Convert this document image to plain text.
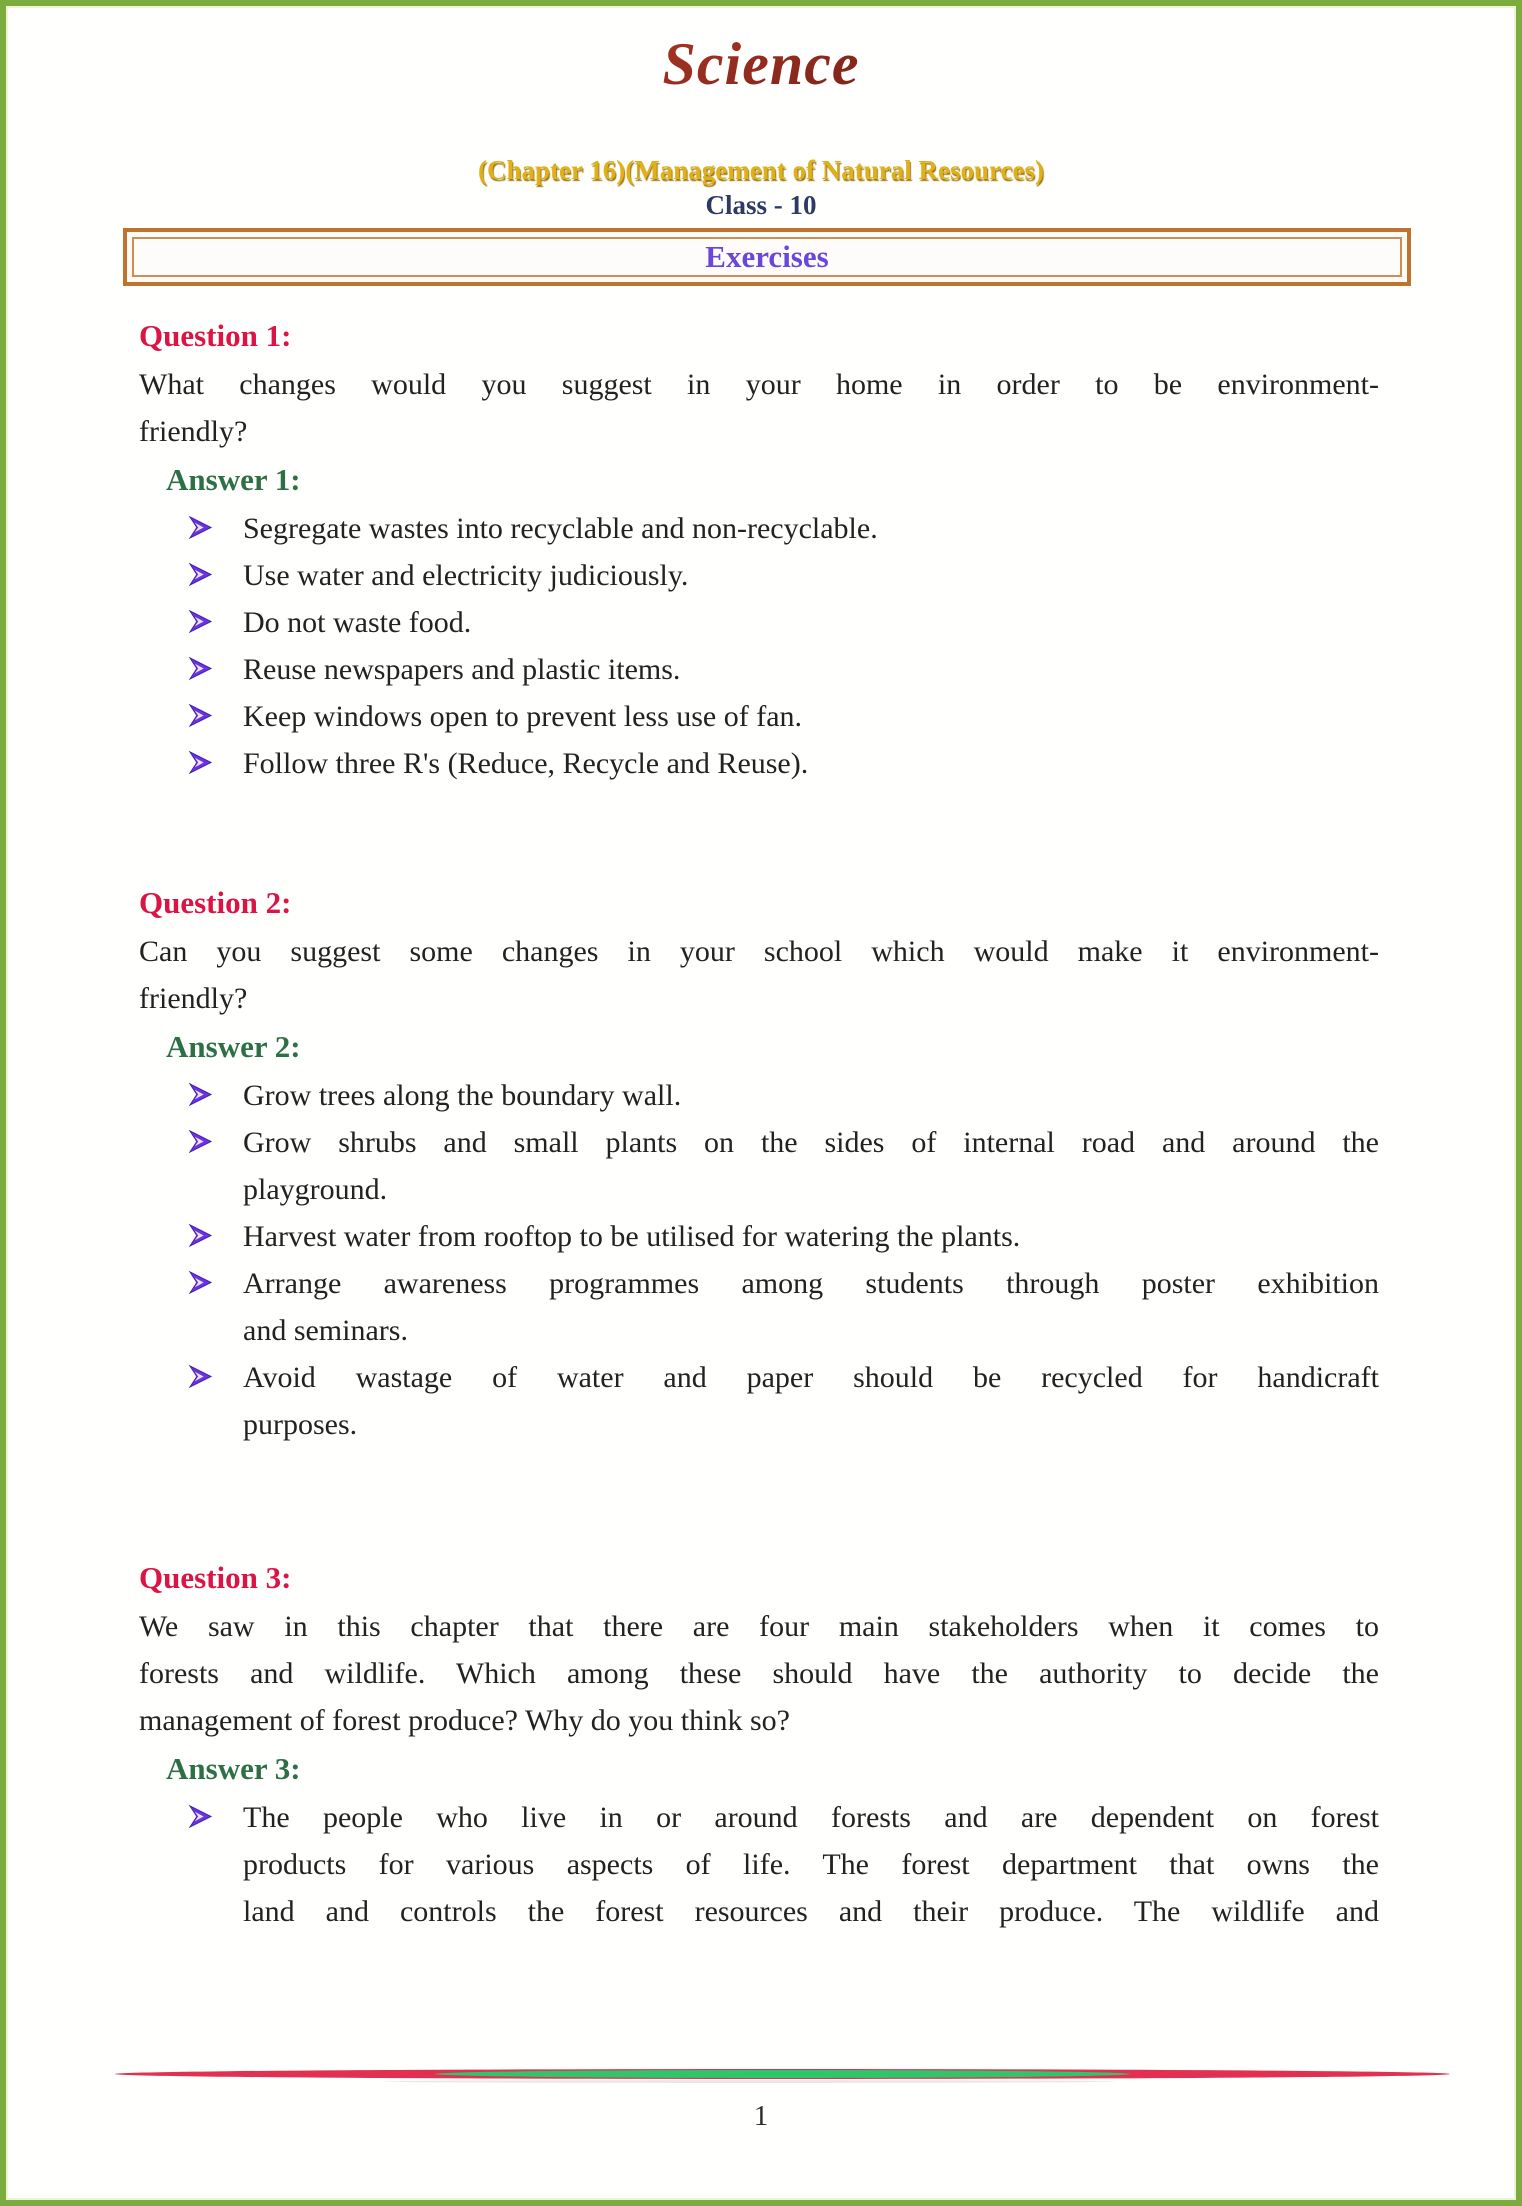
Science
(Chapter 16)(Management of Natural Resources)
Class - 10
Exercises
Question 1:
What changes would you suggest in your home in order to be environment-
friendly?
Answer 1:
Segregate wastes into recyclable and non-recyclable.
Use water and electricity judiciously.
Do not waste food.
Reuse newspapers and plastic items.
Keep windows open to prevent less use of fan.
Follow three R's (Reduce, Recycle and Reuse).
Question 2:
Can you suggest some changes in your school which would make it environment-
friendly?
Answer 2:
Grow trees along the boundary wall.
Grow shrubs and small plants on the sides of internal road and around the
playground.
Harvest water from rooftop to be utilised for watering the plants.
Arrange awareness programmes among students through poster exhibition
and seminars.
Avoid wastage of water and paper should be recycled for handicraft
purposes.
Question 3:
We saw in this chapter that there are four main stakeholders when it comes to
forests and wildlife. Which among these should have the authority to decide the
management of forest produce? Why do you think so?
Answer 3:
The people who live in or around forests and are dependent on forest
products for various aspects of life. The forest department that owns the
land and controls the forest resources and their produce. The wildlife and
1
